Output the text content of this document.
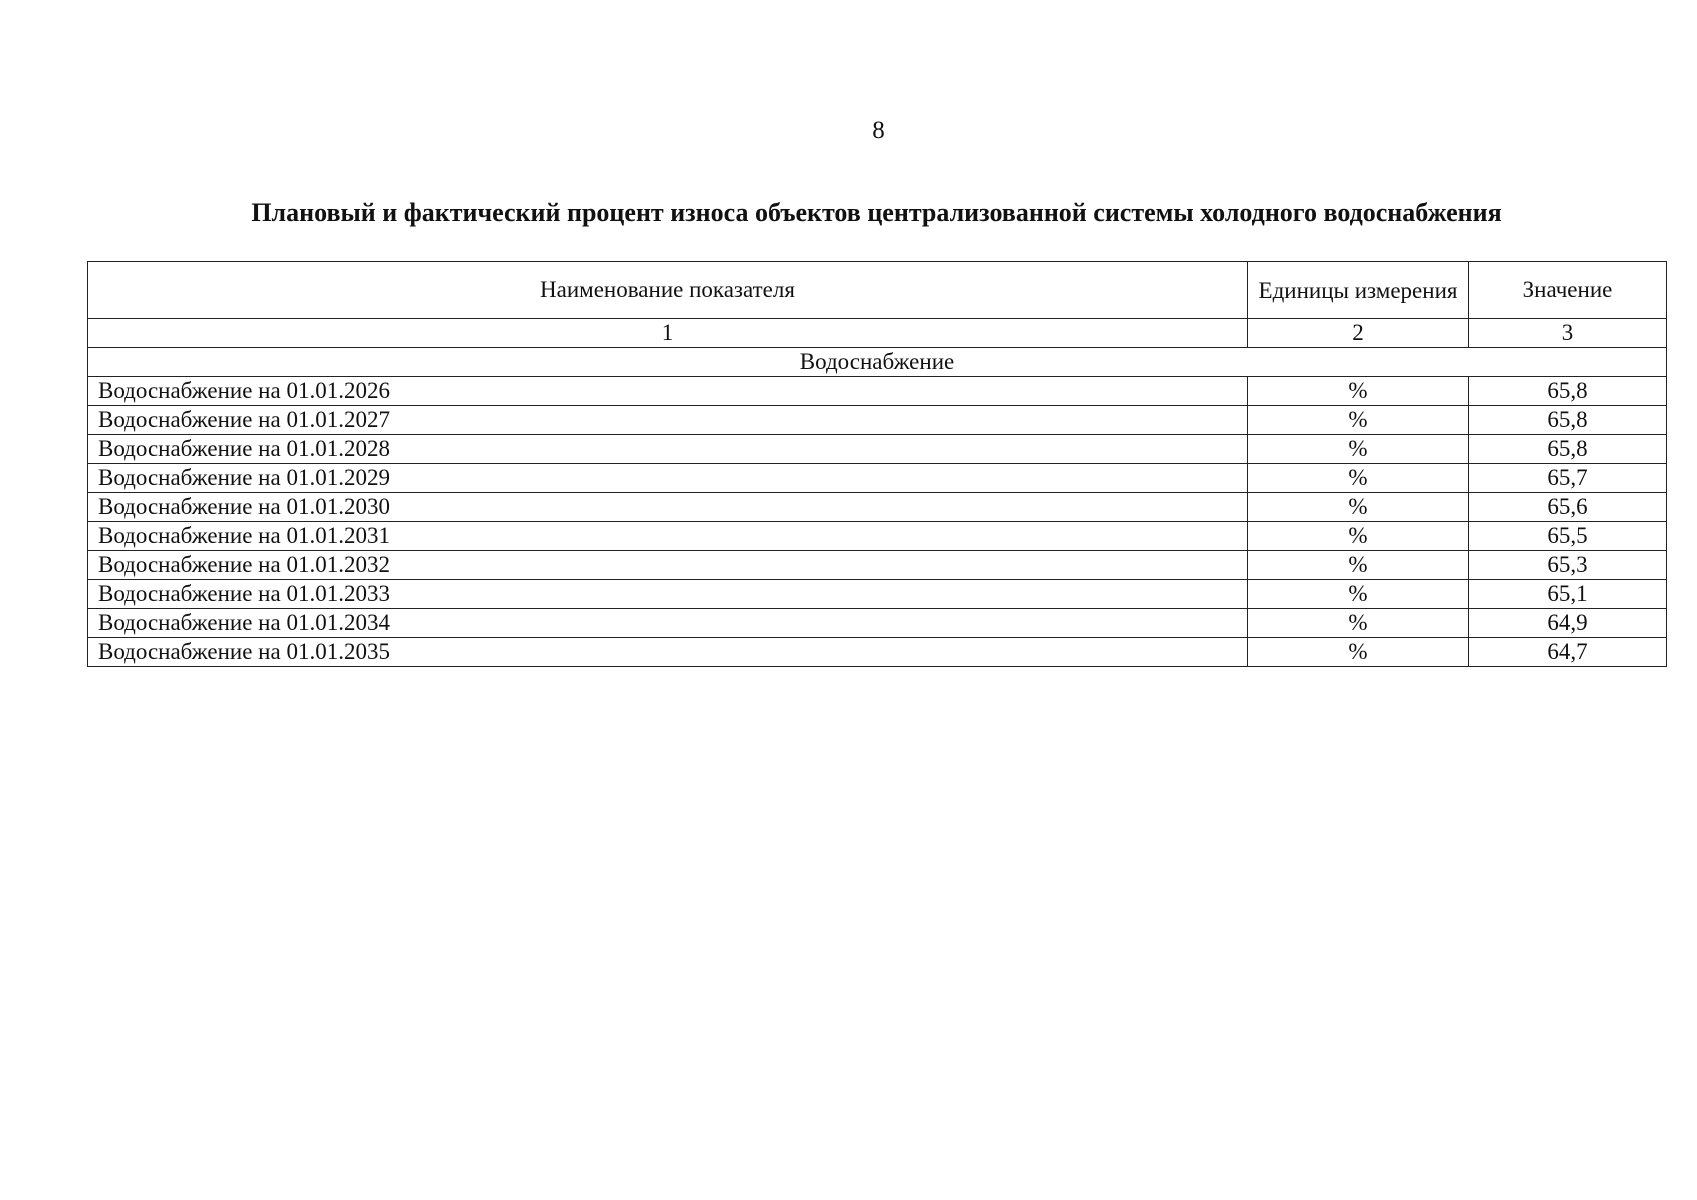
8
Плановый и фактический процент износа объектов централизованной системы холодного водоснабжения
Наименование показателя	Единицы измерения	Значение
1	2	3
Водоснабжение		
Водоснабжение на 01.01.2026	%	65,8
Водоснабжение на 01.01.2027	%	65,8
Водоснабжение на 01.01.2028	%	65,8
Водоснабжение на 01.01.2029	%	65,7
Водоснабжение на 01.01.2030	%	65,6
Водоснабжение на 01.01.2031	%	65,5
Водоснабжение на 01.01.2032	%	65,3
Водоснабжение на 01.01.2033	%	65,1
Водоснабжение на 01.01.2034	%	64,9
Водоснабжение на 01.01.2035	%	64,7
